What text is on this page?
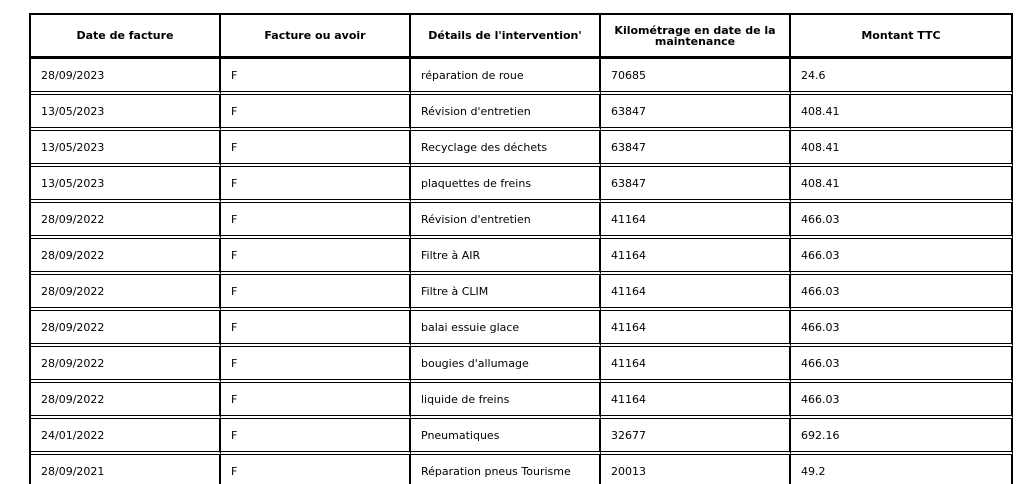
Date de facture	Facture ou avoir	Détails de l'intervention'	Kilométrage en date de la maintenance	Montant TTC
28/09/2023	F	réparation de roue	70685	24.6
13/05/2023	F	Révision d'entretien	63847	408.41
13/05/2023	F	Recyclage des déchets	63847	408.41
13/05/2023	F	plaquettes de freins	63847	408.41
28/09/2022	F	Révision d'entretien	41164	466.03
28/09/2022	F	Filtre à AIR	41164	466.03
28/09/2022	F	Filtre à CLIM	41164	466.03
28/09/2022	F	balai essuie glace	41164	466.03
28/09/2022	F	bougies d'allumage	41164	466.03
28/09/2022	F	liquide de freins	41164	466.03
24/01/2022	F	Pneumatiques	32677	692.16
28/09/2021	F	Réparation pneus Tourisme	20013	49.2
